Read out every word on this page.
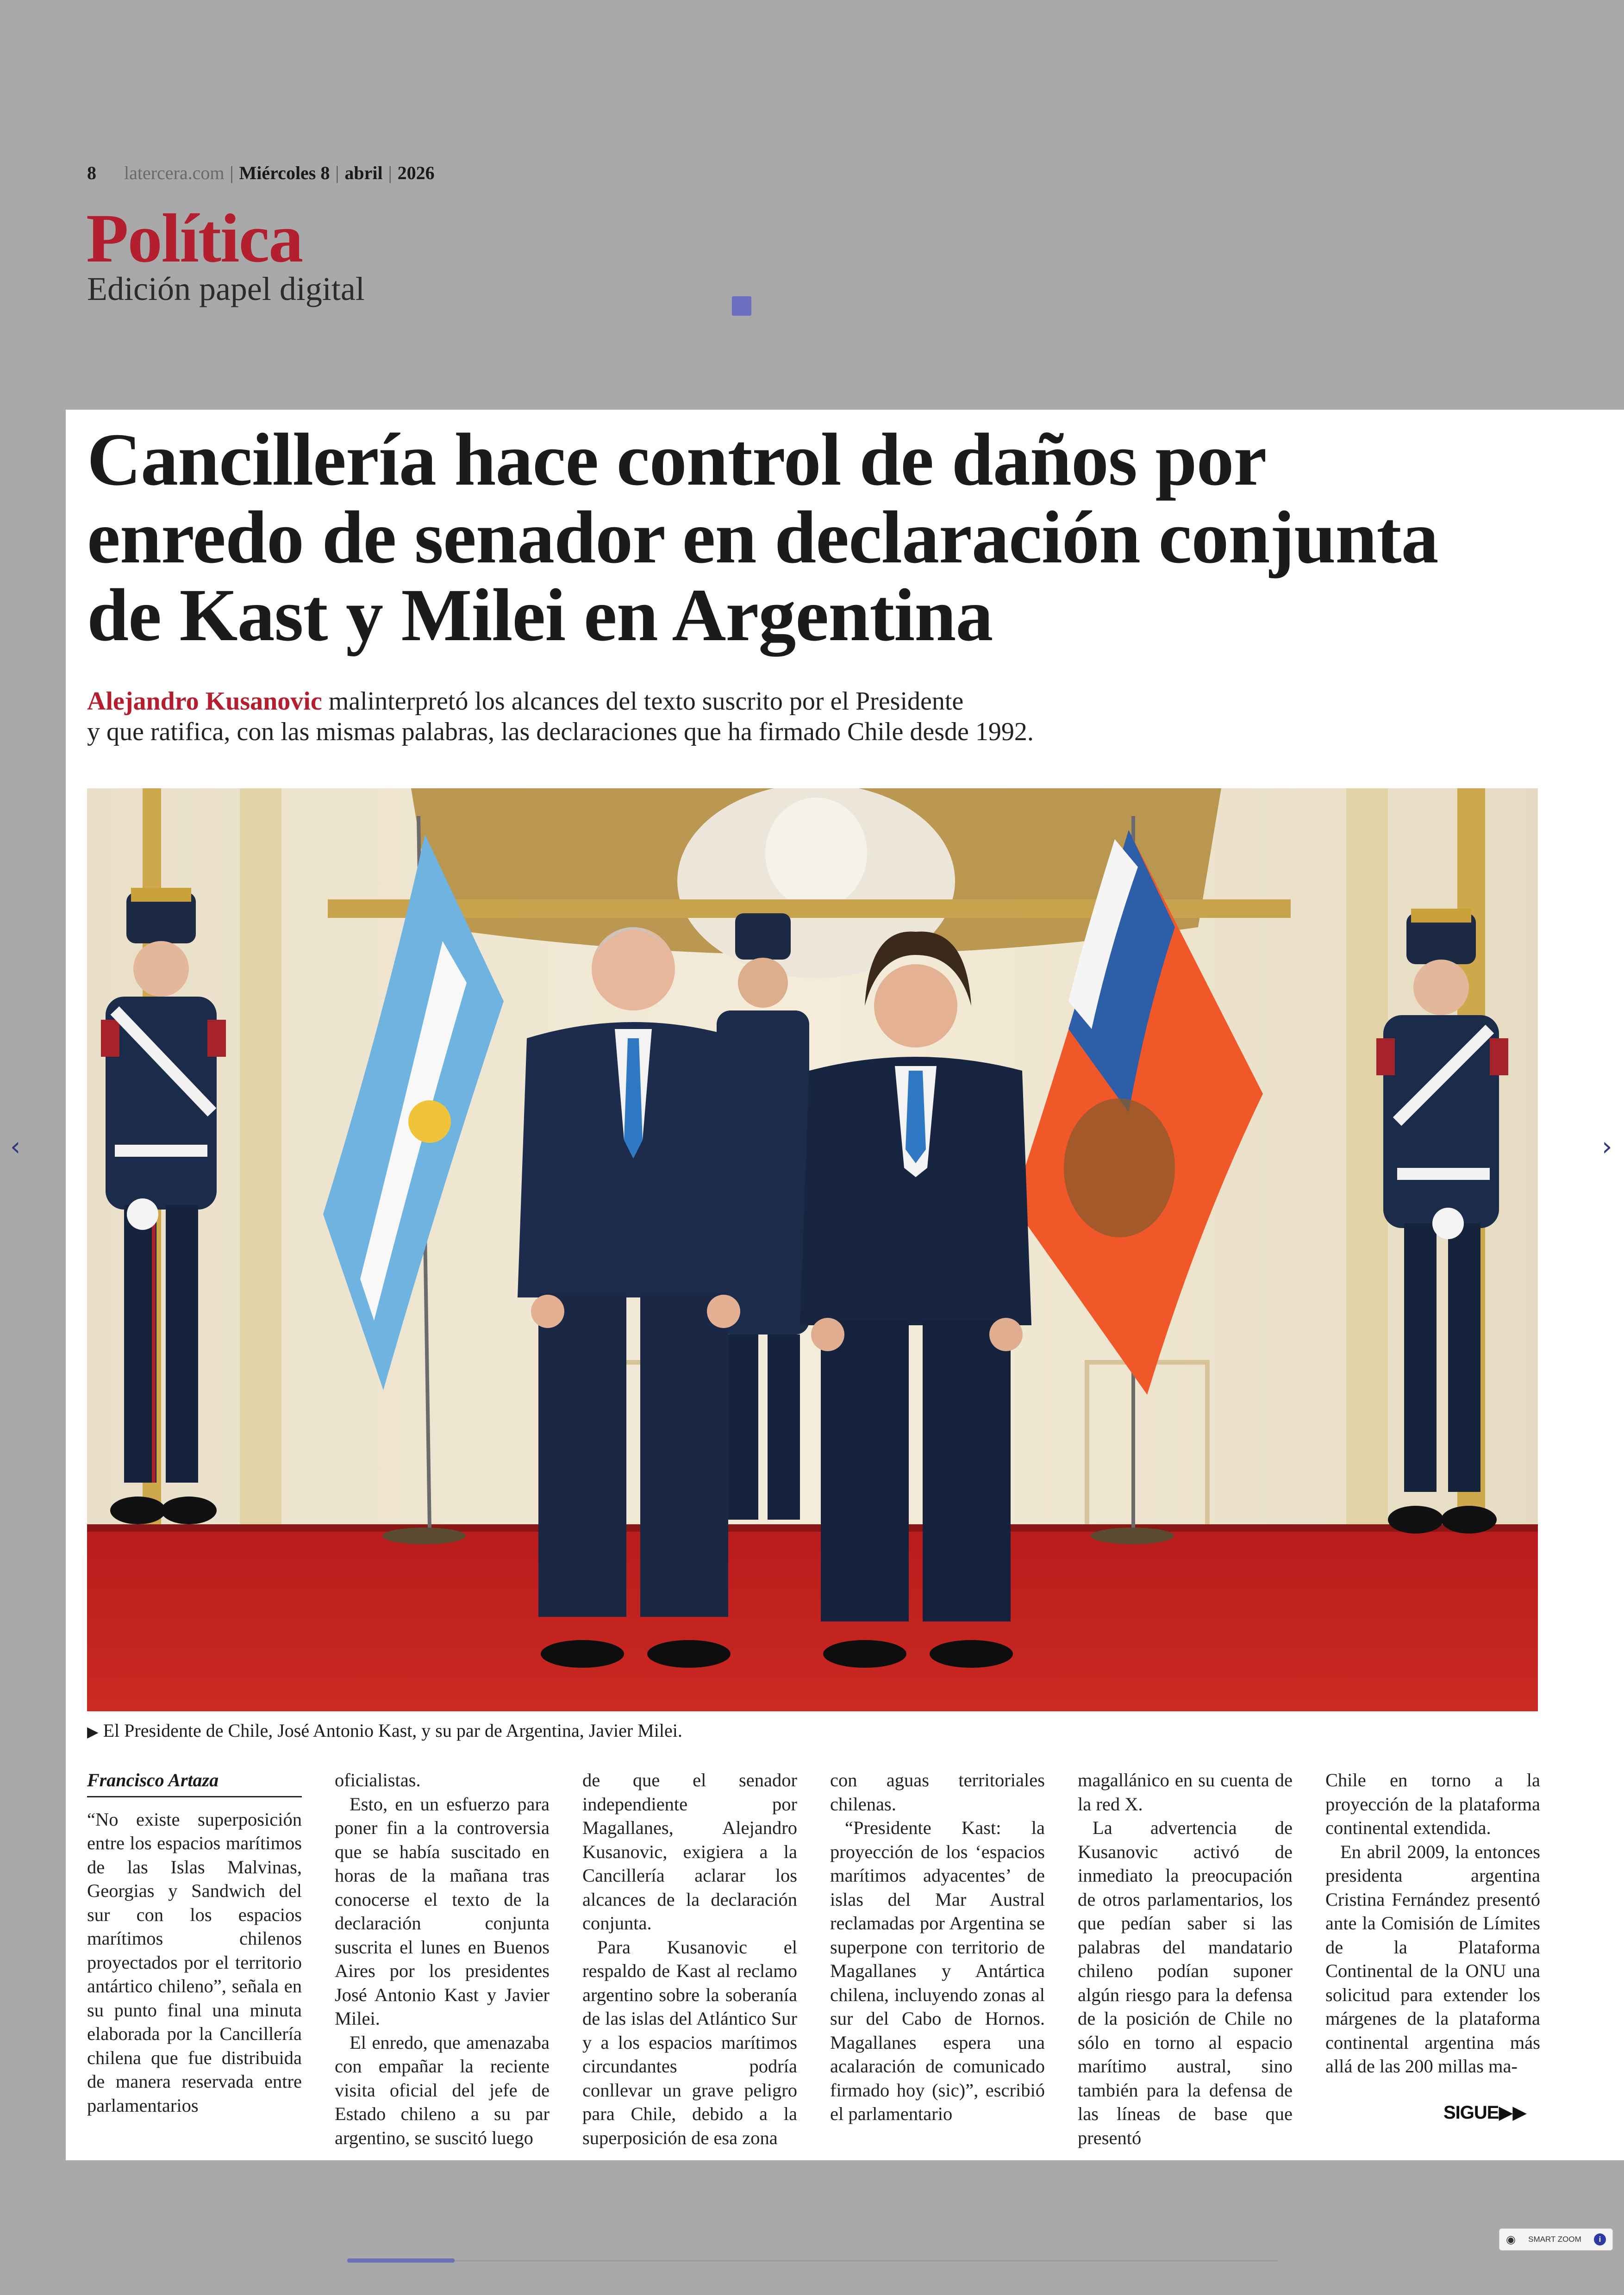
8 latercera.com | Miércoles 8 | abril | 2026
Política
Edición papel digital
Cancillería hace control de daños por enredo de senador en declaración conjunta de Kast y Milei en Argentina
Alejandro Kusanovic malinterpretó los alcances del texto suscrito por el Presidente
y que ratifica, con las mismas palabras, las declaraciones que ha firmado Chile desde 1992.
▶ El Presidente de Chile, José Antonio Kast, y su par de Argentina, Javier Milei.
Francisco Artaza

“No existe superposición entre los espacios marítimos de las Islas Malvinas, Georgias y Sandwich del sur con los espacios marítimos chilenos proyectados por el territorio antártico chileno”, señala en su punto final una minuta elaborada por la Cancillería chilena que fue distribuida de manera reservada entre parlamentarios

oficialistas.

Esto, en un esfuerzo para poner fin a la controversia que se había suscitado en horas de la mañana tras conocerse el texto de la declaración conjunta suscrita el lunes en Buenos Aires por los presidentes José Antonio Kast y Javier Milei.

El enredo, que amenazaba con empañar la reciente visita oficial del jefe de Estado chileno a su par argentino, se suscitó luego

de que el senador independiente por Magallanes, Alejandro Kusanovic, exigiera a la Cancillería aclarar los alcances de la declaración conjunta.

Para Kusanovic el respaldo de Kast al reclamo argentino sobre la soberanía de las islas del Atlántico Sur y a los espacios marítimos circundantes podría conllevar un grave peligro para Chile, debido a la superposición de esa zona

con aguas territoriales chilenas.

“Presidente Kast: la proyección de los ‘espacios marítimos adyacentes’ de islas del Mar Austral reclamadas por Argentina se superpone con territorio de Magallanes y Antártica chilena, incluyendo zonas al sur del Cabo de Hornos. Magallanes espera una acalaración de comunicado firmado hoy (sic)”, escribió el parlamentario

magallánico en su cuenta de la red X.

La advertencia de Kusanovic activó de inmediato la preocupación de otros parlamentarios, los que pedían saber si las palabras del mandatario chileno podían suponer algún riesgo para la defensa de la posición de Chile no sólo en torno al espacio marítimo austral, sino también para la defensa de las líneas de base que presentó

Chile en torno a la proyección de la plataforma continental extendida.

En abril 2009, la entonces presidenta argentina Cristina Fernández presentó ante la Comisión de Límites de la Plataforma Continental de la ONU una solicitud para extender los márgenes de la plataforma continental argentina más allá de las 200 millas ma-

SIGUE▶▶
‹	›
◉ SMART ZOOM	i
